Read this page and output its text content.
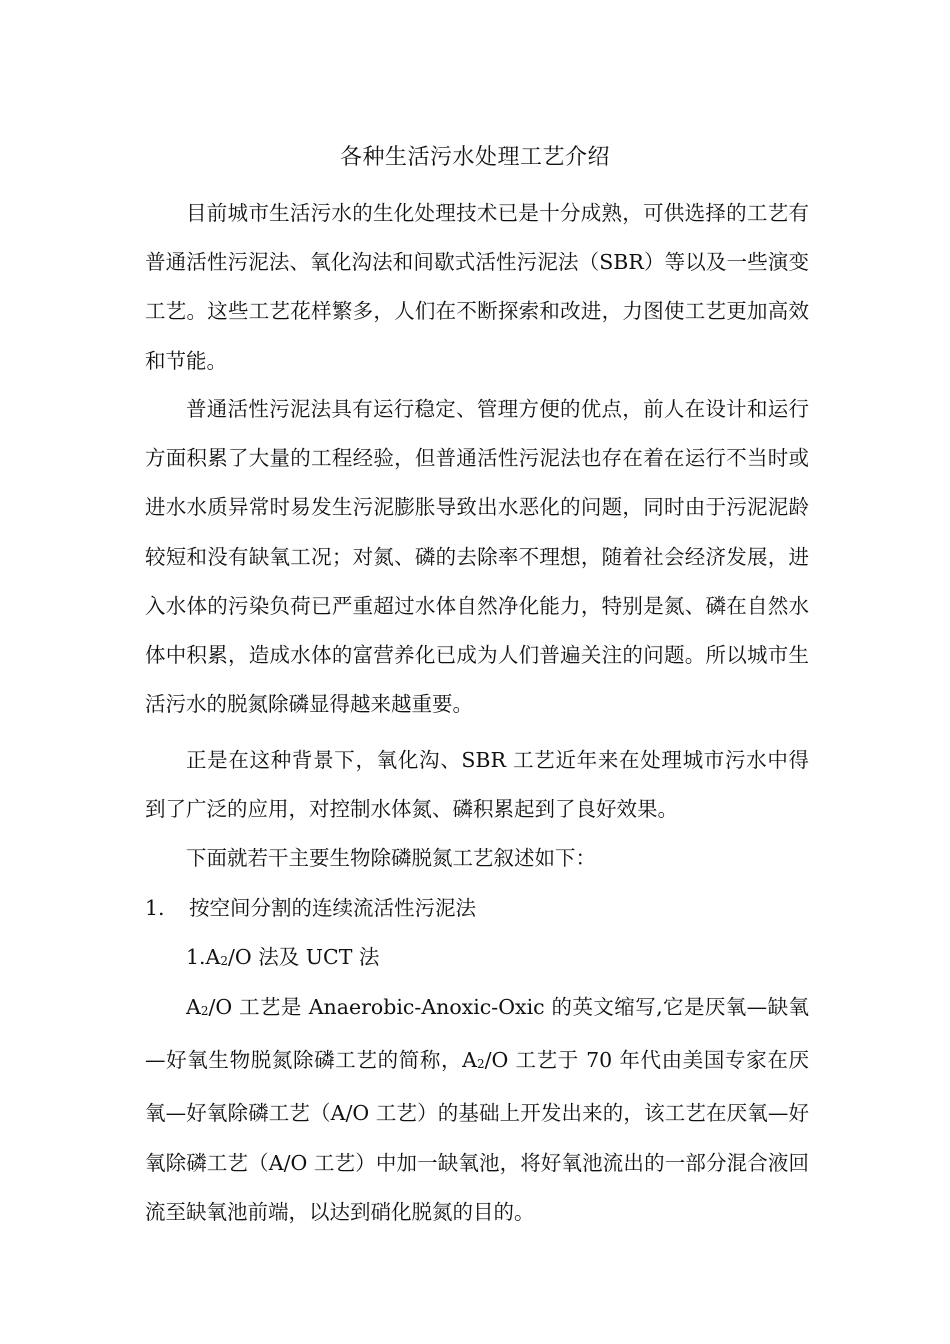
各种生活污水处理工艺介绍

目前城市生活污水的生化处理技术已是十分成熟，可供选择的工艺有普通活性污泥法、氧化沟法和间歇式活性污泥法（SBR）等以及一些演变工艺。这些工艺花样繁多，人们在不断探索和改进，力图使工艺更加高效和节能。

普通活性污泥法具有运行稳定、管理方便的优点，前人在设计和运行方面积累了大量的工程经验，但普通活性污泥法也存在着在运行不当时或进水水质异常时易发生污泥膨胀导致出水恶化的问题，同时由于污泥泥龄较短和没有缺氧工况；对氮、磷的去除率不理想，随着社会经济发展，进入水体的污染负荷已严重超过水体自然净化能力，特别是氮、磷在自然水体中积累，造成水体的富营养化已成为人们普遍关注的问题。所以城市生活污水的脱氮除磷显得越来越重要。

正是在这种背景下，氧化沟、SBR 工艺近年来在处理城市污水中得到了广泛的应用，对控制水体氮、磷积累起到了良好效果。

下面就若干主要生物除磷脱氮工艺叙述如下：

1. 按空间分割的连续流活性污泥法

1.A2/O 法及 UCT 法

A2/O 工艺是 Anaerobic-Anoxic-Oxic 的英文缩写,它是厌氧—缺氧—好氧生物脱氮除磷工艺的简称，A2/O 工艺于 70 年代由美国专家在厌氧—好氧除磷工艺（A/O 工艺）的基础上开发出来的，该工艺在厌氧—好氧除磷工艺（A/O 工艺）中加一缺氧池，将好氧池流出的一部分混合液回流至缺氧池前端，以达到硝化脱氮的目的。
